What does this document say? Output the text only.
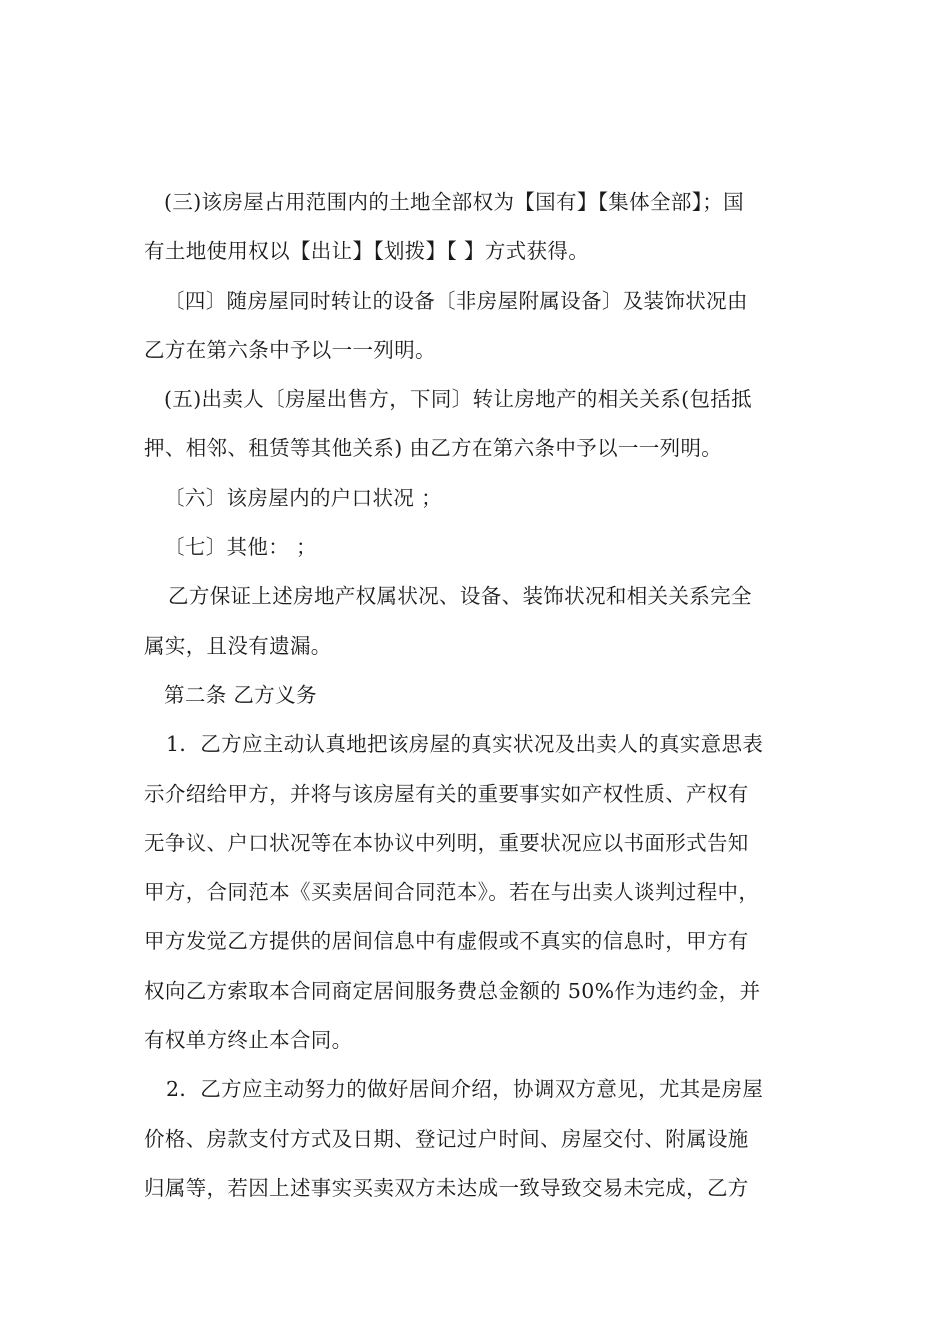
(三)该房屋占用范围内的土地全部权为【国有】【集体全部】；国
有土地使用权以【出让】【划拨】【 】方式获得。
〔四〕随房屋同时转让的设备〔非房屋附属设备〕及装饰状况由
乙方在第六条中予以一一列明。
(五)出卖人〔房屋出售方，下同〕转让房地产的相关关系(包括抵
押、相邻、租赁等其他关系) 由乙方在第六条中予以一一列明。
〔六〕该房屋内的户口状况 ；
〔七〕其他： ；
乙方保证上述房地产权属状况、设备、装饰状况和相关关系完全
属实，且没有遗漏。
第二条 乙方义务
1．乙方应主动认真地把该房屋的真实状况及出卖人的真实意思表
示介绍给甲方，并将与该房屋有关的重要事实如产权性质、产权有
无争议、户口状况等在本协议中列明，重要状况应以书面形式告知
甲方，合同范本《买卖居间合同范本》。若在与出卖人谈判过程中，
甲方发觉乙方提供的居间信息中有虚假或不真实的信息时，甲方有
权向乙方索取本合同商定居间服务费总金额的 50%作为违约金，并
有权单方终止本合同。
2．乙方应主动努力的做好居间介绍，协调双方意见，尤其是房屋
价格、房款支付方式及日期、登记过户时间、房屋交付、附属设施
归属等，若因上述事实买卖双方未达成一致导致交易未完成，乙方
